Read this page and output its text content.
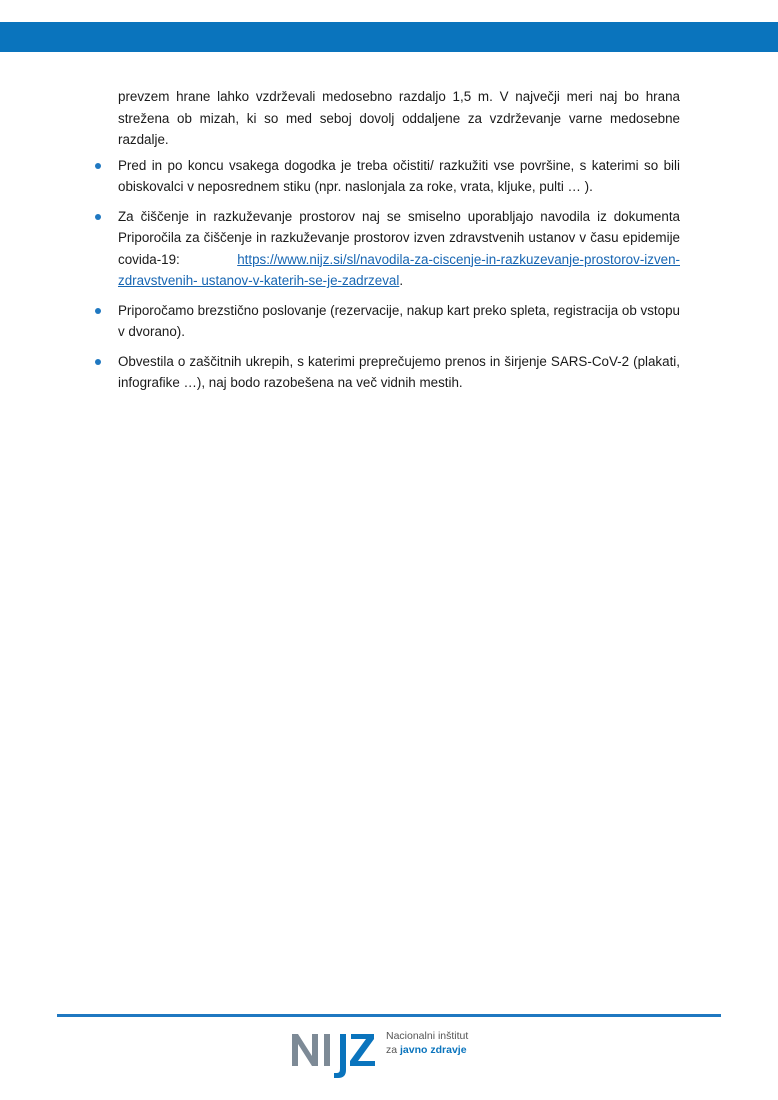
prevzem hrane lahko vzdrževali medosebno razdaljo 1,5 m. V največji meri naj bo hrana strežena ob mizah, ki so med seboj dovolj oddaljene za vzdrževanje varne medosebne razdalje.
Pred in po koncu vsakega dogodka je treba očistiti/ razkužiti vse površine, s katerimi so bili obiskovalci v neposrednem stiku (npr. naslonjala za roke, vrata, kljuke, pulti … ).
Za čiščenje in razkuževanje prostorov naj se smiselno uporabljajo navodila iz dokumenta Priporočila za čiščenje in razkuževanje prostorov izven zdravstvenih ustanov v času epidemije covida-19: https://www.nijz.si/sl/navodila-za-ciscenje-in-razkuzevanje-prostorov-izven-zdravstvenih- ustanov-v-katerih-se-je-zadrzeval.
Priporočamo brezstično poslovanje (rezervacije, nakup kart preko spleta, registracija ob vstopu v dvorano).
Obvestila o zaščitnih ukrepih, s katerimi preprečujemo prenos in širjenje SARS-CoV-2 (plakati, infografike …), naj bodo razobešena na več vidnih mestih.
Nacionalni inštitut
za javno zdravje
